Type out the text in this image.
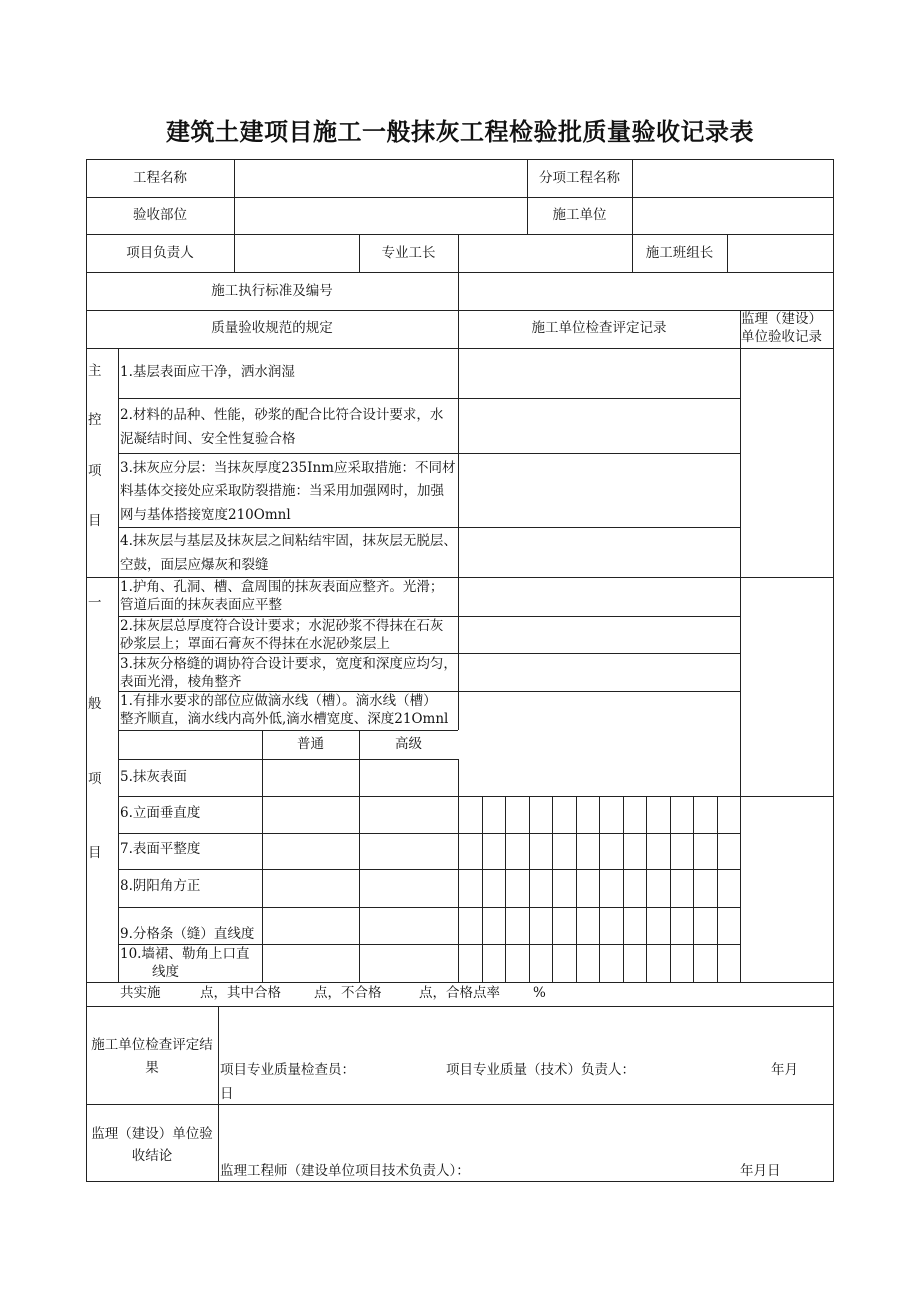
建筑土建项目施工一般抹灰工程检验批质量验收记录表
工程名称	分项工程名称
验收部位	施工单位
项目负责人	专业工长	施工班组长
施工执行标准及编号
质量验收规范的规定	施工单位检查评定记录
监理（建设）
单位验收记录
主
控
项
目
1.基层表面应干净，洒水润湿
2.材料的品种、性能，砂浆的配合比符合设计要求，水
泥凝结时间、安全性复验合格
3.抹灰应分层：当抹灰厚度235Inm应采取措施：不同材
料基体交接处应采取防裂措施：当采用加强网时，加强
网与基体搭接宽度210Omnl
4.抹灰层与基层及抹灰层之间粘结牢固，抹灰层无脱层、
空鼓，面层应爆灰和裂缝
一
般
项
目
1.护角、孔洞、槽、盒周围的抹灰表面应整齐。光滑；
管道后面的抹灰表面应平整
2.抹灰层总厚度符合设计要求；水泥砂浆不得抹在石灰
砂浆层上；罩面石膏灰不得抹在水泥砂浆层上
3.抹灰分格缝的调协符合设计要求，宽度和深度应均匀，
表面光滑，棱角整齐
1.有排水要求的部位应做滴水线（槽）。滴水线（槽）
整齐顺直，滴水线内高外低,滴水槽宽度、深度21Omnl
普通	高级
5.抹灰表面
6.立面垂直度
7.表面平整度
8.阴阳角方正
9.分格条（缝）直线度
10.墙裙、勒角上口直
线度
共实施	点，其中合格 点，不合格	点，合格点率 %
施工单位检查评定结
果	项目专业质量检查员：	项目专业质量（技术）负责人：	年月
日
监理（建设）单位验
收结论
监理工程师（建设单位项目技术负责人）：	年月日
